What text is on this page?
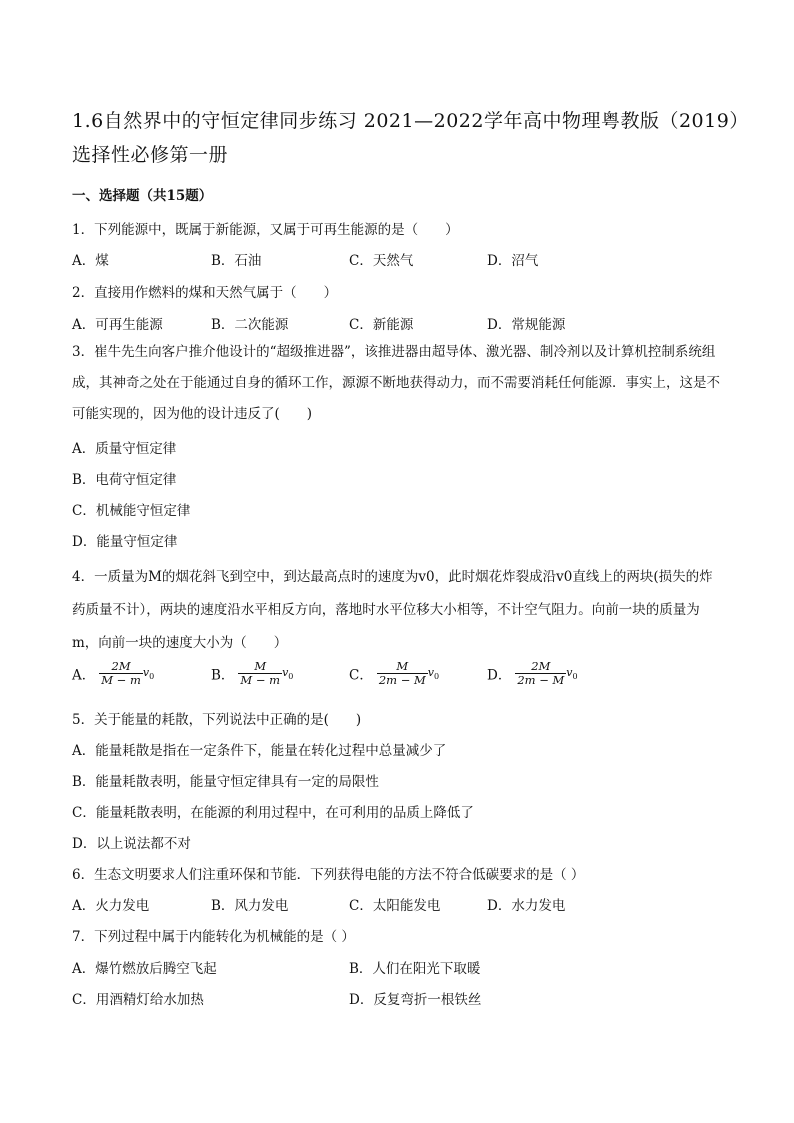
1.6自然界中的守恒定律同步练习 2021—2022学年高中物理粤教版（2019）选择性必修第一册
一、选择题（共15题）
1．下列能源中，既属于新能源，又属于可再生能源的是（　　）
A．煤	B．石油	C．天然气	D．沼气
2．直接用作燃料的煤和天然气属于（　　）
A．可再生能源	B．二次能源	C．新能源	D．常规能源
3．崔牛先生向客户推介他设计的“超级推进器”，该推进器由超导体、激光器、制冷剂以及计算机控制系统组成，其神奇之处在于能通过自身的循环工作，源源不断地获得动力，而不需要消耗任何能源．事实上，这是不可能实现的，因为他的设计违反了(　　)
A．质量守恒定律
B．电荷守恒定律
C．机械能守恒定律
D．能量守恒定律
4．一质量为M的烟花斜飞到空中，到达最高点时的速度为v0，此时烟花炸裂成沿v0直线上的两块(损失的炸药质量不计），两块的速度沿水平相反方向，落地时水平位移大小相等，不计空气阻力。向前一块的质量为m，向前一块的速度大小为（　　）
A． $\frac{2M}{M - m} v_0$	B． $\frac{M}{M - m} v_0$	C． $\frac{M}{2m - M} v_0$	D． $\frac{2M}{2m - M} v_0$
5．关于能量的耗散，下列说法中正确的是(　　)
A．能量耗散是指在一定条件下，能量在转化过程中总量减少了
B．能量耗散表明，能量守恒定律具有一定的局限性
C．能量耗散表明，在能源的利用过程中，在可利用的品质上降低了
D．以上说法都不对
6．生态文明要求人们注重环保和节能．下列获得电能的方法不符合低碳要求的是（ ）
A．火力发电	B．风力发电	C．太阳能发电	D．水力发电
7．下列过程中属于内能转化为机械能的是（ ）
A．爆竹燃放后腾空飞起	B．人们在阳光下取暖
C．用酒精灯给水加热	D．反复弯折一根铁丝
